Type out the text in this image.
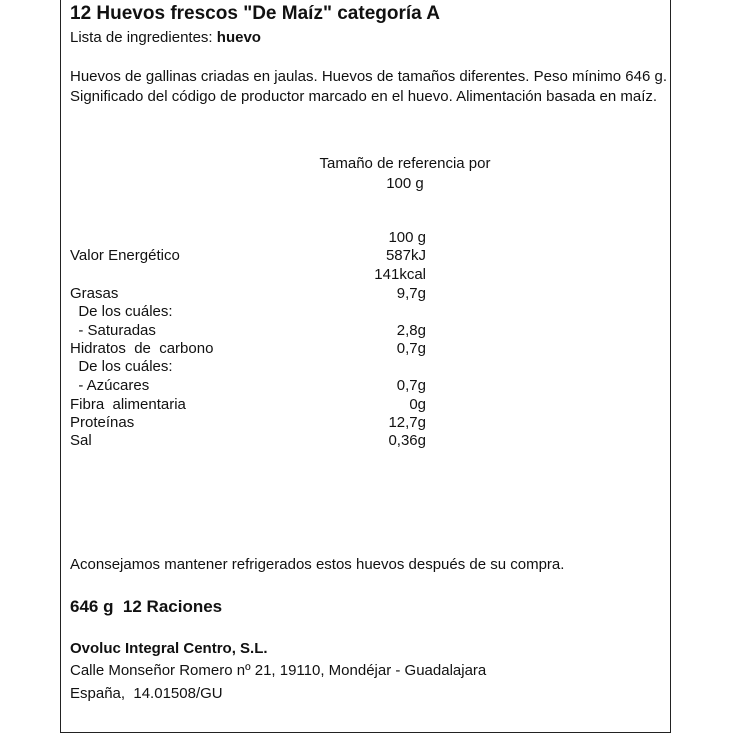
12 Huevos frescos "De Maíz" categoría A
Lista de ingredientes: huevo
Huevos de gallinas criadas en jaulas. Huevos de tamaños diferentes. Peso mínimo 646 g. Significado del código de productor marcado en el huevo. Alimentación basada en maíz.
Tamaño de referencia por
100 g
100 g
Valor Energético	587kJ
141kcal
Grasas	9,7g
De los cuáles:
- Saturadas	2,8g
Hidratos  de  carbono	0,7g
De los cuáles:
- Azúcares	0,7g
Fibra  alimentaria	0g
Proteínas	12,7g
Sal	0,36g
Aconsejamos mantener refrigerados estos huevos después de su compra.
646 g  12 Raciones
Ovoluc Integral Centro, S.L.
Calle Monseñor Romero nº 21, 19110, Mondéjar - Guadalajara
España,  14.01508/GU
